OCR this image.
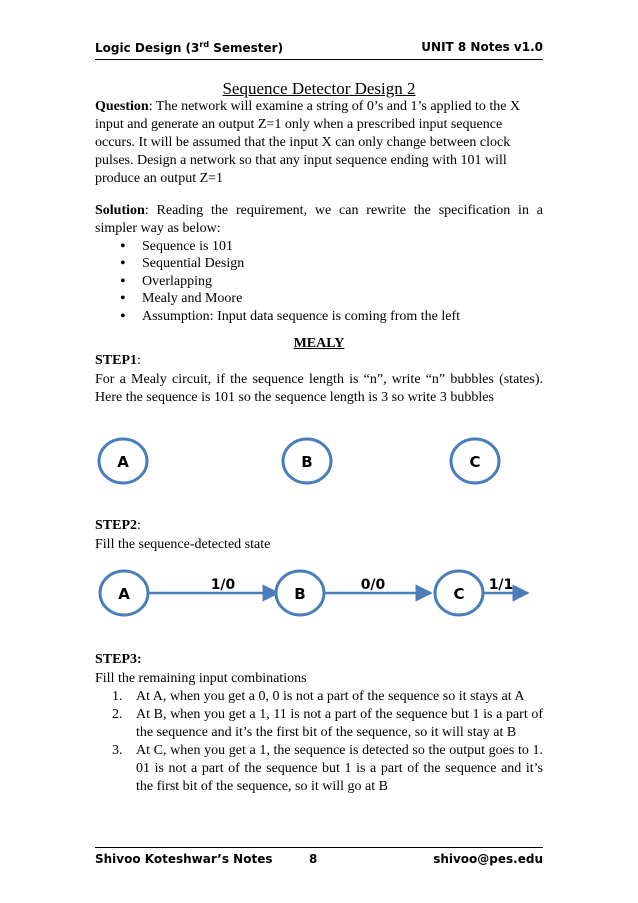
Logic Design (3rd Semester)	UNIT 8 Notes v1.0
Sequence Detector Design 2
Question: The network will examine a string of 0’s and 1’s applied to the X input and generate an output Z=1 only when a prescribed input sequence occurs. It will be assumed that the input X can only change between clock pulses. Design a network so that any input sequence ending with 101 will produce an output Z=1
Solution: Reading the requirement, we can rewrite the specification in a simpler way as below:
• Sequence is 101
• Sequential Design
• Overlapping
• Mealy and Moore
• Assumption: Input data sequence is coming from the left
MEALY
STEP1:
For a Mealy circuit, if the sequence length is “n”, write “n” bubbles (states). Here the sequence is 101 so the sequence length is 3 so write 3 bubbles
A	B	C
1/0	0/0	1/1
A	B	C
STEP2:
Fill the sequence-detected state
STEP3:
Fill the remaining input combinations
1. At A, when you get a 0, 0 is not a part of the sequence so it stays at A
2. At B, when you get a 1, 11 is not a part of the sequence but 1 is a part of the sequence and it’s the first bit of the sequence, so it will stay at B
3. At C, when you get a 1, the sequence is detected so the output goes to 1. 01 is not a part of the sequence but 1 is a part of the sequence and it’s the first bit of the sequence, so it will go at B
Shivoo Koteshwar’s Notes	8	shivoo@pes.edu
